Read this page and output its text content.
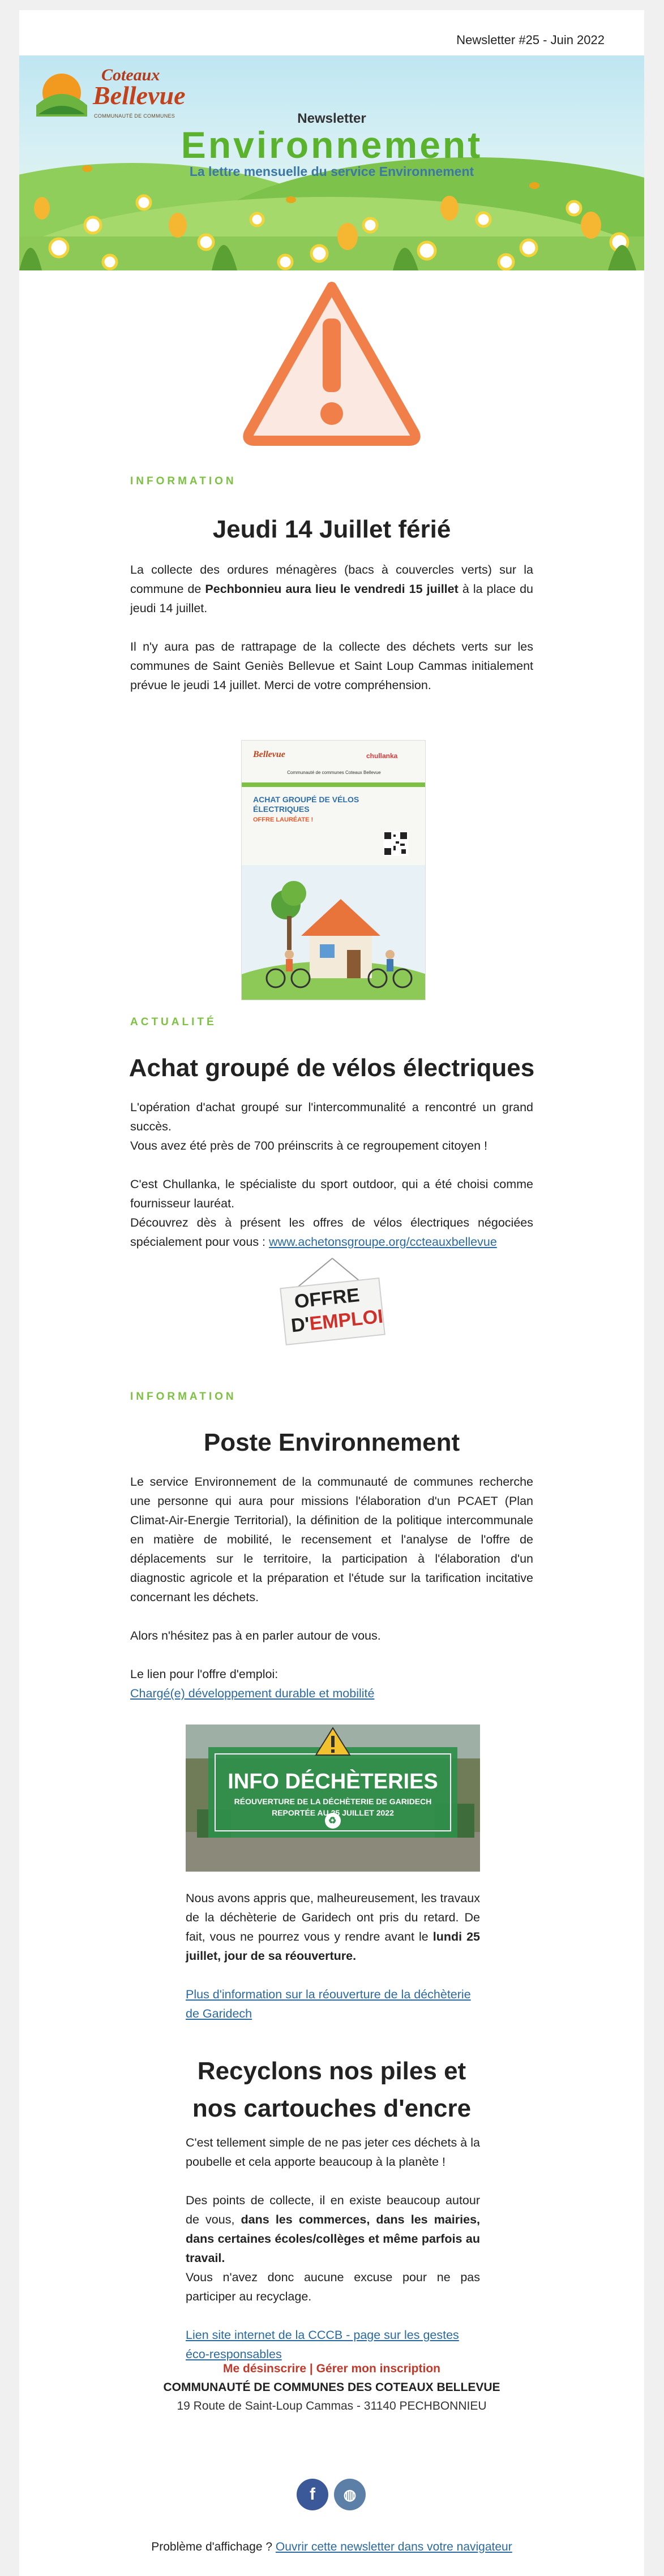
Newsletter #25 - Juin 2022
Coteaux
Bellevue
COMMUNAUTÉ DE COMMUNES	Newsletter
Environnement
La lettre mensuelle du service Environnement
INFORMATION
Jeudi 14 Juillet férié

La collecte des ordures ménagères (bacs à couvercles verts) sur la commune de Pechbonnieu aura lieu le vendredi 15 juillet à la place du jeudi 14 juillet.

Il n'y aura pas de rattrapage de la collecte des déchets verts sur les communes de Saint Geniès Bellevue et Saint Loup Cammas initialement prévue le jeudi 14 juillet. Merci de votre compréhension.

Bellevue	chullanka
Communauté de communes Coteaux Bellevue
ACHAT GROUPÉ DE VÉLOS ÉLECTRIQUES
OFFRE LAURÉATE !
ACTUALITÉ
Achat groupé de vélos électriques
L'opération d'achat groupé sur l'intercommunalité a rencontré un grand succès.
Vous avez été près de 700 préinscrits à ce regroupement citoyen !
C'est Chullanka, le spécialiste du sport outdoor, qui a été choisi comme fournisseur lauréat.
Découvrez dès à présent les offres de vélos électriques négociées spécialement pour vous : www.achetonsgroupe.org/ccteauxbellevue
OFFRE
D'EMPLOI
INFORMATION
Poste Environnement

Le service Environnement de la communauté de communes recherche une personne qui aura pour missions l'élaboration d'un PCAET (Plan Climat-Air-Energie Territorial), la définition de la politique intercommunale en matière de mobilité, le recensement et l'analyse de l'offre de déplacements sur le territoire, la participation à l'élaboration d'un diagnostic agricole et la préparation et l'étude sur la tarification incitative concernant les déchets.

Alors n'hésitez pas à en parler autour de vous.

Le lien pour l'offre d'emploi:
Chargé(e) développement durable et mobilité
INFO DÉCHÈTERIES
RÉOUVERTURE DE LA DÉCHÈTERIE DE GARIDECH
REPORTÉE AU 25 JUILLET 2022
♻

Nous avons appris que, malheureusement, les travaux de la déchèterie de Garidech ont pris du retard. De fait, vous ne pourrez vous y rendre avant le lundi 25 juillet, jour de sa réouverture.

Plus d'information sur la réouverture de la déchèterie de Garidech
Recyclons nos piles et
nos cartouches d'encre

C'est tellement simple de ne pas jeter ces déchets à la poubelle et cela apporte beaucoup à la planète !

Des points de collecte, il en existe beaucoup autour de vous, dans les commerces, dans les mairies, dans certaines écoles/collèges et même parfois au travail.

Vous n'avez donc aucune excuse pour ne pas participer au recyclage.

Lien site internet de la CCCB - page sur les gestes éco-responsables
Me désinscrire | Gérer mon inscription
COMMUNAUTÉ DE COMMUNES DES COTEAUX BELLEVUE
19 Route de Saint-Loup Cammas - 31140 PECHBONNIEU
f	◍
Problème d'affichage ? Ouvrir cette newsletter dans votre navigateur
